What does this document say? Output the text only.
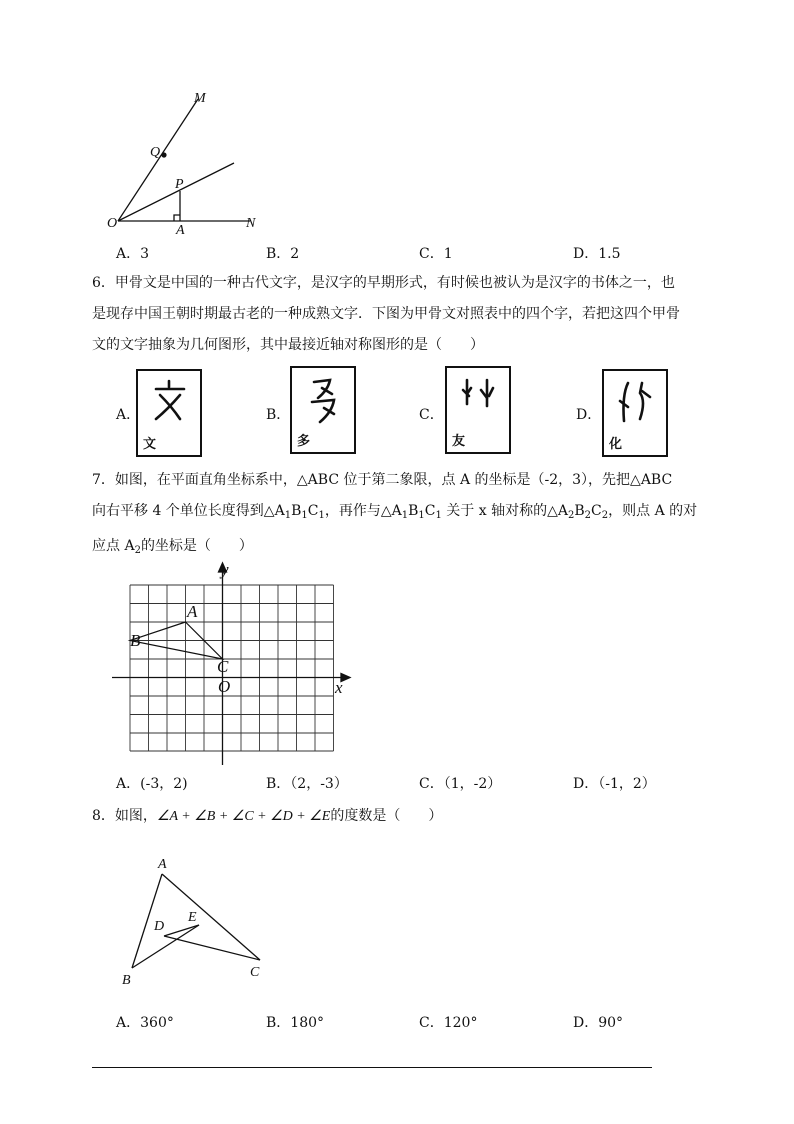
M
Q
P
O	A	N
A．3	B．2	C．1	D．1.5

6．甲骨文是中国的一种古代文字，是汉字的早期形式，有时候也被认为是汉字的书体之一，也

是现存中国王朝时期最古老的一种成熟文字．下图为甲骨文对照表中的四个字，若把这四个甲骨

文的文字抽象为几何图形，其中最接近轴对称图形的是（　　）

A．
文
B．
多
C．
友
D．
化

7．如图，在平面直角坐标系中，△ABC 位于第二象限，点 A 的坐标是（-2，3），先把△ABC

向右平移 4 个单位长度得到$\triangle A_1B_1C_1$，再作与$\triangle A_1B_1C_1$ 关于 x 轴对称的$\triangle A_2B_2C_2$，则点 A 的对

应点 $A_2$的坐标是（　　）

y
x
A
B
C
O
A．(-3，2)	B．（2，-3）	C．（1，-2）	D．（-1，2）

8．如图，∠A + ∠B + ∠C + ∠D + ∠E的度数是（　　）

A
D
E
B
C
A．360°	B．180°	C．120°	D．90°
